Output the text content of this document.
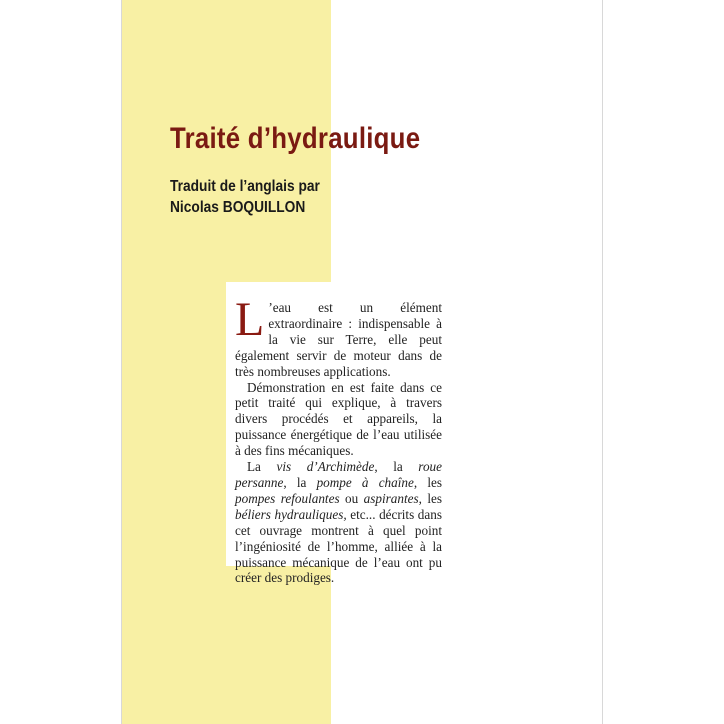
Traité d’hydraulique
Traduit de l’anglais par
Nicolas BOQUILLON

L ’eau est un élément extraordinaire : indispensable à la vie sur Terre, elle peut également servir de moteur dans de très nombreuses applications.

Démonstration en est faite dans ce petit traité qui explique, à travers divers procédés et appareils, la puissance énergétique de l’eau utilisée à des fins mécaniques.

La vis d’Archimède, la roue persanne, la pompe à chaîne, les pompes refoulantes ou aspirantes, les béliers hydrauliques, etc... décrits dans cet ouvrage montrent à quel point l’ingéniosité de l’homme, alliée à la puissance mécanique de l’eau ont pu créer des prodiges.
